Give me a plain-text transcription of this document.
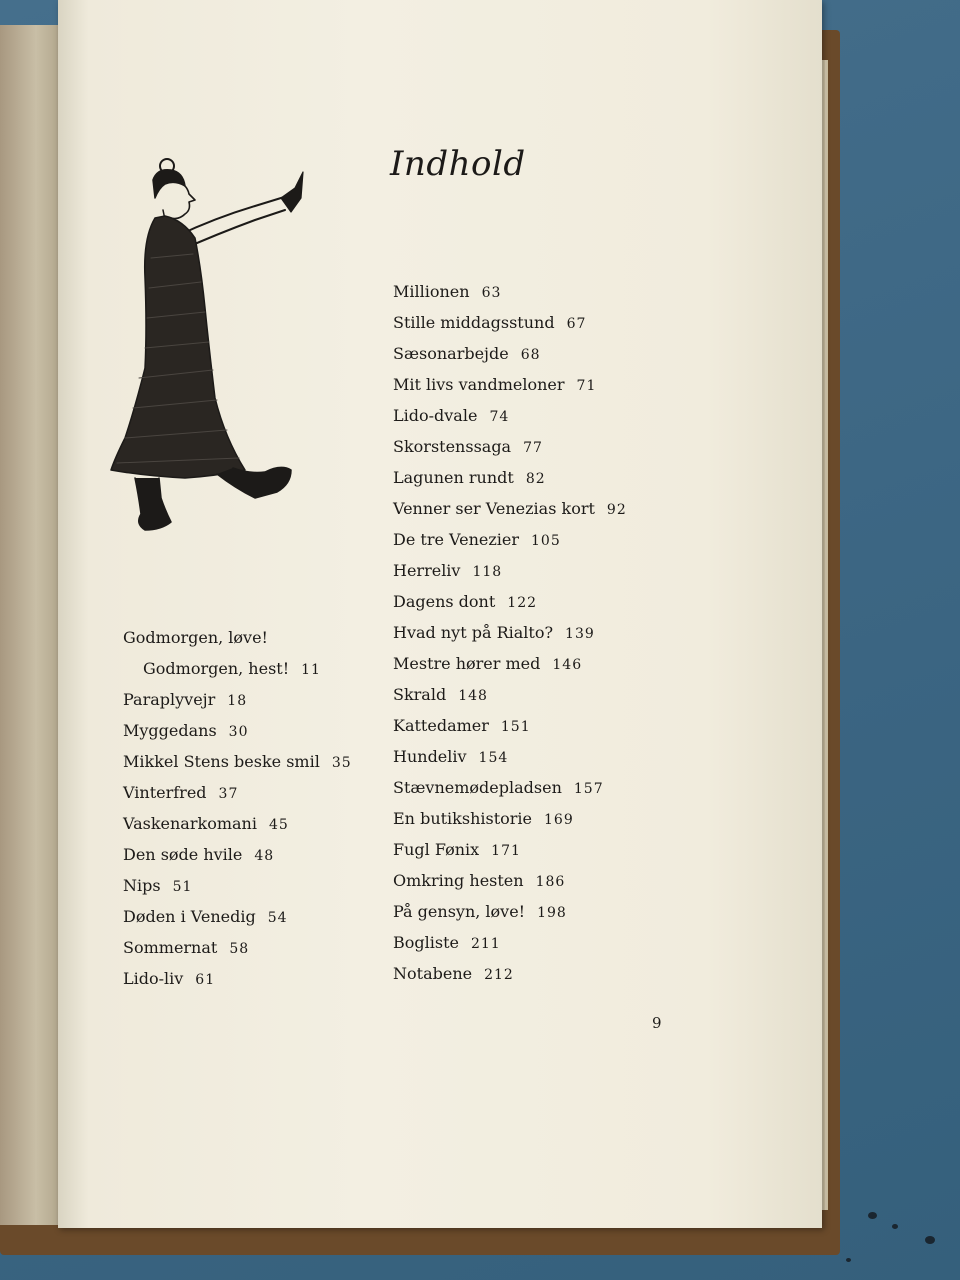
Indhold
Godmorgen, løve!
Godmorgen, hest! 11
Paraplyvejr 18
Myggedans 30
Mikkel Stens beske smil 35
Vinterfred 37
Vaskenarkomani 45
Den søde hvile 48
Nips 51
Døden i Venedig 54
Sommernat 58
Lido-liv 61
Millionen 63
Stille middagsstund 67
Sæsonarbejde 68
Mit livs vandmeloner 71
Lido-dvale 74
Skorstenssaga 77
Lagunen rundt 82
Venner ser Venezias kort 92
De tre Venezier 105
Herreliv 118
Dagens dont 122
Hvad nyt på Rialto? 139
Mestre hører med 146
Skrald 148
Kattedamer 151
Hundeliv 154
Stævnemødepladsen 157
En butikshistorie 169
Fugl Fønix 171
Omkring hesten 186
På gensyn, løve! 198
Bogliste 211
Notabene 212
9
